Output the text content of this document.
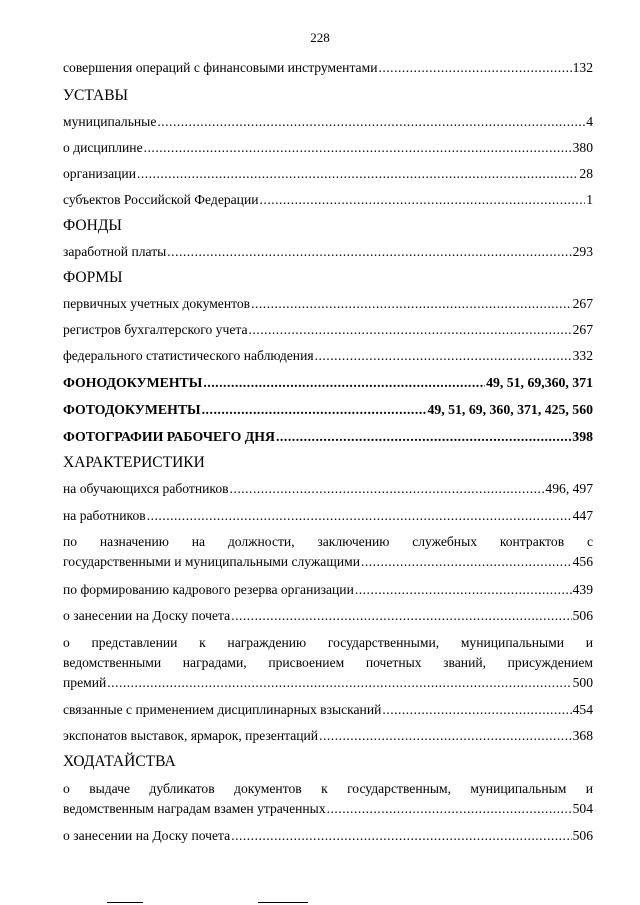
228
совершения операций с финансовыми инструментами .....	132
УСТАВЫ
муниципальные .....	4
о дисциплине .....	380
организации .....	28
субъектов Российской Федерации .....	1
ФОНДЫ
заработной платы .....	293
ФОРМЫ
первичных учетных документов .....	267
регистров бухгалтерского учета .....	267
федерального статистического наблюдения .....	332
ФОНОДОКУМЕНТЫ .....	49, 51, 69,360, 371
ФОТОДОКУМЕНТЫ .....	49, 51, 69, 360, 371, 425, 560
ФОТОГРАФИИ РАБОЧЕГО ДНЯ .....	398
ХАРАКТЕРИСТИКИ
на обучающихся работников .....	496, 497
на работников .....	447
по назначению на должности, заключению служебных контрактов с
государственными и муниципальными служащими .....	456
по формированию кадрового резерва организации .....	439
о занесении на Доску почета .....	506
о представлении к награждению государственными, муниципальными и
ведомственными наградами, присвоением почетных званий, присуждением
премий .....	500
связанные с применением дисциплинарных взысканий .....	454
экспонатов выставок, ярмарок, презентаций .....	368
ХОДАТАЙСТВА
о выдаче дубликатов документов к государственным, муниципальным и
ведомственным наградам взамен утраченных .....	504
о занесении на Доску почета .....	506
